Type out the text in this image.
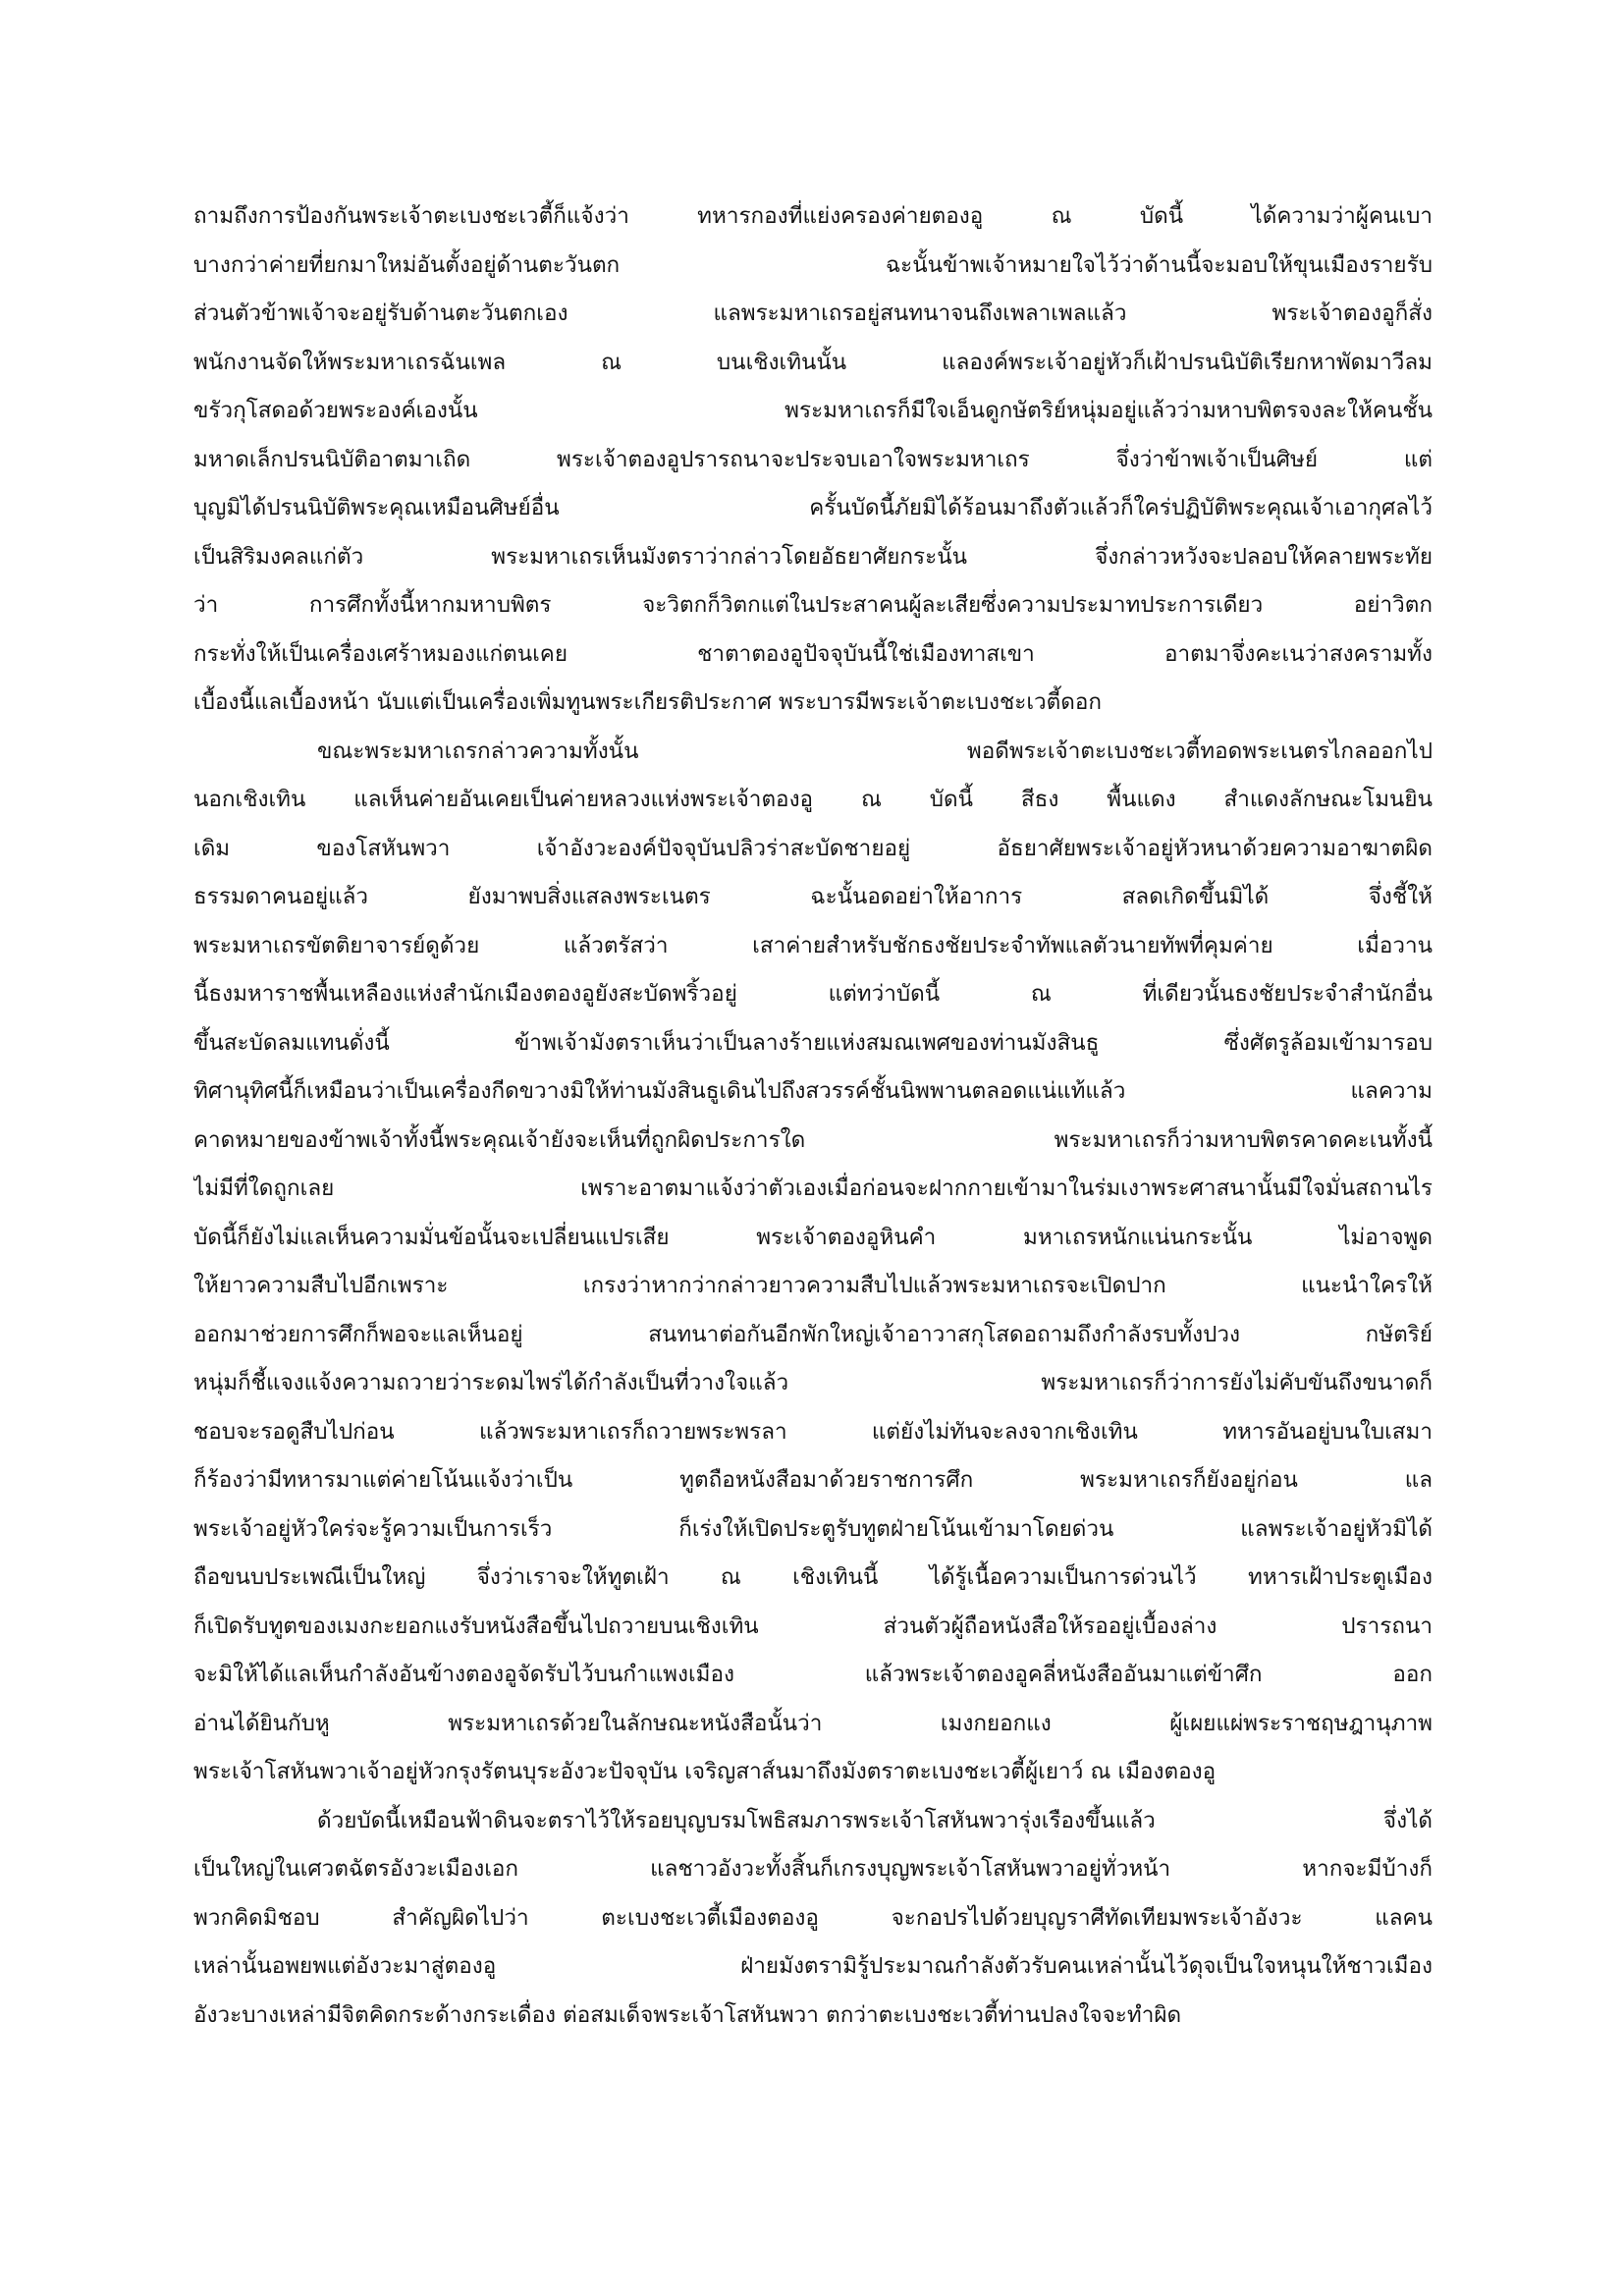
ถามถึงการป้องกันพระเจ้าตะเบงชะเวตี้ก็แจ้งว่า ทหารกองที่แย่งครองค่ายตองอู ณ บัดนี้ ได้ความว่าผู้คนเบา
บางกว่าค่ายที่ยกมาใหม่อันตั้งอยู่ด้านตะวันตก ฉะนั้นข้าพเจ้าหมายใจไว้ว่าด้านนี้จะมอบให้ขุนเมืองรายรับ
ส่วนตัวข้าพเจ้าจะอยู่รับด้านตะวันตกเอง แลพระมหาเถรอยู่สนทนาจนถึงเพลาเพลแล้ว พระเจ้าตองอูก็สั่ง
พนักงานจัดให้พระมหาเถรฉันเพล ณ บนเชิงเทินนั้น แลองค์พระเจ้าอยู่หัวก็เฝ้าปรนนิบัติเรียกหาพัดมาวีลม
ขรัวกุโสดอด้วยพระองค์เองนั้น พระมหาเถรก็มีใจเอ็นดูกษัตริย์หนุ่มอยู่แล้วว่ามหาบพิตรจงละให้คนชั้น
มหาดเล็กปรนนิบัติอาตมาเถิด พระเจ้าตองอูปรารถนาจะประจบเอาใจพระมหาเถร จึ่งว่าข้าพเจ้าเป็นศิษย์ แต่
บุญมิได้ปรนนิบัติพระคุณเหมือนศิษย์อื่น ครั้นบัดนี้ภัยมิได้ร้อนมาถึงตัวแล้วก็ใคร่ปฏิบัติพระคุณเจ้าเอากุศลไว้
เป็นสิริมงคลแก่ตัว พระมหาเถรเห็นมังตราว่ากล่าวโดยอัธยาศัยกระนั้น จึ่งกล่าวหวังจะปลอบให้คลายพระทัย
ว่า การศึกทั้งนี้หากมหาบพิตร จะวิตกก็วิตกแต่ในประสาคนผู้ละเสียซึ่งความประมาทประการเดียว อย่าวิตก
กระทั่งให้เป็นเครื่องเศร้าหมองแก่ตนเคย ชาตาตองอูปัจจุบันนี้ใช่เมืองทาสเขา อาตมาจึ่งคะเนว่าสงครามทั้ง
เบื้องนี้แลเบื้องหน้า นับแต่เป็นเครื่องเพิ่มทูนพระเกียรติประกาศ พระบารมีพระเจ้าตะเบงชะเวตี้ดอก
ขณะพระมหาเถรกล่าวความทั้งนั้น พอดีพระเจ้าตะเบงชะเวตี้ทอดพระเนตรไกลออกไป
นอกเชิงเทิน แลเห็นค่ายอันเคยเป็นค่ายหลวงแห่งพระเจ้าตองอู ณ บัดนี้ สีธง พื้นแดง สำแดงลักษณะโมนยิน
เดิม ของโสหันพวา เจ้าอังวะองค์ปัจจุบันปลิวร่าสะบัดชายอยู่ อัธยาศัยพระเจ้าอยู่หัวหนาด้วยความอาฆาตผิด
ธรรมดาคนอยู่แล้ว ยังมาพบสิ่งแสลงพระเนตร ฉะนั้นอดอย่าให้อาการ สลดเกิดขึ้นมิได้ จึ่งชี้ให้
พระมหาเถรขัตติยาจารย์ดูด้วย แล้วตรัสว่า เสาค่ายสำหรับชักธงชัยประจำทัพแลตัวนายทัพที่คุมค่าย เมื่อวาน
นี้ธงมหาราชพื้นเหลืองแห่งสำนักเมืองตองอูยังสะบัดพริ้วอยู่ แต่ทว่าบัดนี้ ณ ที่เดียวนั้นธงชัยประจำสำนักอื่น
ขึ้นสะบัดลมแทนดั่งนี้ ข้าพเจ้ามังตราเห็นว่าเป็นลางร้ายแห่งสมณเพศของท่านมังสินธู ซึ่งศัตรูล้อมเข้ามารอบ
ทิศานุทิศนี้ก็เหมือนว่าเป็นเครื่องกีดขวางมิให้ท่านมังสินธูเดินไปถึงสวรรค์ชั้นนิพพานตลอดแน่แท้แล้ว แลความ
คาดหมายของข้าพเจ้าทั้งนี้พระคุณเจ้ายังจะเห็นที่ถูกผิดประการใด พระมหาเถรก็ว่ามหาบพิตรคาดคะเนทั้งนี้
ไม่มีที่ใดถูกเลย เพราะอาตมาแจ้งว่าตัวเองเมื่อก่อนจะฝากกายเข้ามาในร่มเงาพระศาสนานั้นมีใจมั่นสถานไร
บัดนี้ก็ยังไม่แลเห็นความมั่นข้อนั้นจะเปลี่ยนแปรเสีย พระเจ้าตองอูหินคำ มหาเถรหนักแน่นกระนั้น ไม่อาจพูด
ให้ยาวความสืบไปอีกเพราะ เกรงว่าหากว่ากล่าวยาวความสืบไปแล้วพระมหาเถรจะเปิดปาก แนะนำใครให้
ออกมาช่วยการศึกก็พอจะแลเห็นอยู่ สนทนาต่อกันอีกพักใหญ่เจ้าอาวาสกุโสดอถามถึงกำลังรบทั้งปวง กษัตริย์
หนุ่มก็ชี้แจงแจ้งความถวายว่าระดมไพร่ได้กำลังเป็นที่วางใจแล้ว พระมหาเถรก็ว่าการยังไม่คับขันถึงขนาดก็
ชอบจะรอดูสืบไปก่อน แล้วพระมหาเถรก็ถวายพระพรลา แต่ยังไม่ทันจะลงจากเชิงเทิน ทหารอันอยู่บนใบเสมา
ก็ร้องว่ามีทหารมาแต่ค่ายโน้นแจ้งว่าเป็น ทูตถือหนังสือมาด้วยราชการศึก พระมหาเถรก็ยังอยู่ก่อน แล
พระเจ้าอยู่หัวใคร่จะรู้ความเป็นการเร็ว ก็เร่งให้เปิดประตูรับทูตฝ่ายโน้นเข้ามาโดยด่วน แลพระเจ้าอยู่หัวมิได้
ถือขนบประเพณีเป็นใหญ่ จึ่งว่าเราจะให้ทูตเฝ้า ณ เชิงเทินนี้ ได้รู้เนื้อความเป็นการด่วนไว้ ทหารเฝ้าประตูเมือง
ก็เปิดรับทูตของเมงกะยอกแงรับหนังสือขึ้นไปถวายบนเชิงเทิน ส่วนตัวผู้ถือหนังสือให้รออยู่เบื้องล่าง ปรารถนา
จะมิให้ได้แลเห็นกำลังอันข้างตองอูจัดรับไว้บนกำแพงเมือง แล้วพระเจ้าตองอูคลี่หนังสืออันมาแต่ข้าศึก ออก
อ่านได้ยินกับหู พระมหาเถรด้วยในลักษณะหนังสือนั้นว่า เมงกยอกแง ผู้เผยแผ่พระราชฤษฎานุภาพ
พระเจ้าโสหันพวาเจ้าอยู่หัวกรุงรัตนบุระอังวะปัจจุบัน เจริญสาส์นมาถึงมังตราตะเบงชะเวตี้ผู้เยาว์ ณ เมืองตองอู
ด้วยบัดนี้เหมือนฟ้าดินจะตราไว้ให้รอยบุญบรมโพธิสมภารพระเจ้าโสหันพวารุ่งเรืองขึ้นแล้ว จึ่งได้
เป็นใหญ่ในเศวตฉัตรอังวะเมืองเอก แลชาวอังวะทั้งสิ้นก็เกรงบุญพระเจ้าโสหันพวาอยู่ทั่วหน้า หากจะมีบ้างก็
พวกคิดมิชอบ สำคัญผิดไปว่า ตะเบงชะเวตี้เมืองตองอู จะกอปรไปด้วยบุญราศีทัดเทียมพระเจ้าอังวะ แลคน
เหล่านั้นอพยพแต่อังวะมาสู่ตองอู ฝ่ายมังตรามิรู้ประมาณกำลังตัวรับคนเหล่านั้นไว้ดุจเป็นใจหนุนให้ชาวเมือง
อังวะบางเหล่ามีจิตคิดกระด้างกระเดื่อง ต่อสมเด็จพระเจ้าโสหันพวา ตกว่าตะเบงชะเวตี้ท่านปลงใจจะทำผิด
